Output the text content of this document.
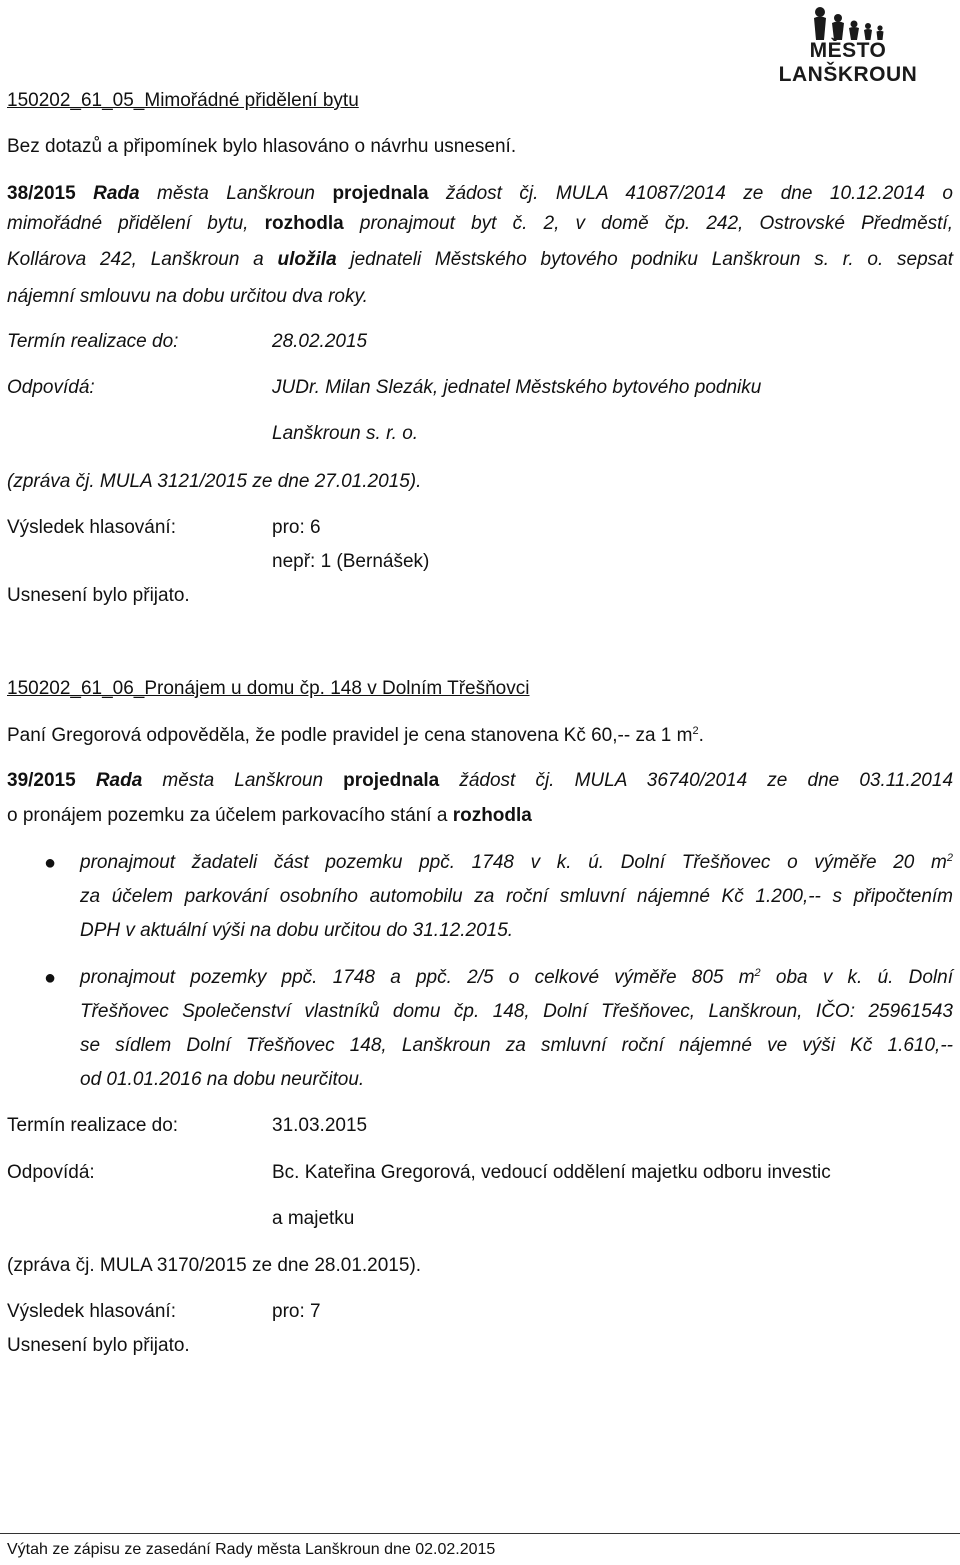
MĚSTO LANŠKROUN
150202_61_05_Mimořádné přidělení bytu
Bez dotazů a připomínek bylo hlasováno o návrhu usnesení.
38/2015 Rada města Lanškroun projednala žádost čj. MULA 41087/2014 ze dne 10.12.2014 o
mimořádné přidělení bytu, rozhodla pronajmout byt č. 2, v domě čp. 242, Ostrovské Předměstí,
Kollárova 242, Lanškroun a uložila jednateli Městského bytového podniku Lanškroun s. r. o. sepsat
nájemní smlouvu na dobu určitou dva roky.
Termín realizace do:	28.02.2015
Odpovídá:	JUDr. Milan Slezák, jednatel Městského bytového podniku
Lanškroun s. r. o.
(zpráva čj. MULA 3121/2015 ze dne 27.01.2015).
Výsledek hlasování:	pro: 6
nepř: 1 (Bernášek)
Usnesení bylo přijato.
150202_61_06_Pronájem u domu čp. 148 v Dolním Třešňovci
Paní Gregorová odpověděla, že podle pravidel je cena stanovena Kč 60,-- za 1 $m^2$.
39/2015 Rada města Lanškroun projednala žádost čj. MULA 36740/2014 ze dne 03.11.2014
o pronájem pozemku za účelem parkovacího stání a rozhodla
● pronajmout žadateli část pozemku ppč. 1748 v k. ú. Dolní Třešňovec o výměře 20 $m^2$
za účelem parkování osobního automobilu za roční smluvní nájemné Kč 1.200,-- s připočtením
DPH v aktuální výši na dobu určitou do 31.12.2015.
● pronajmout pozemky ppč. 1748 a ppč. 2/5 o celkové výměře 805 $m^2$ oba v k. ú. Dolní
Třešňovec Společenství vlastníků domu čp. 148, Dolní Třešňovec, Lanškroun, IČO: 25961543
se sídlem Dolní Třešňovec 148, Lanškroun za smluvní roční nájemné ve výši Kč 1.610,--
od 01.01.2016 na dobu neurčitou.
Termín realizace do:	31.03.2015
Odpovídá:	Bc. Kateřina Gregorová, vedoucí oddělení majetku odboru investic
a majetku
(zpráva čj. MULA 3170/2015 ze dne 28.01.2015).
Výsledek hlasování:	pro: 7
Usnesení bylo přijato.
Výtah ze zápisu ze zasedání Rady města Lanškroun dne 02.02.2015
